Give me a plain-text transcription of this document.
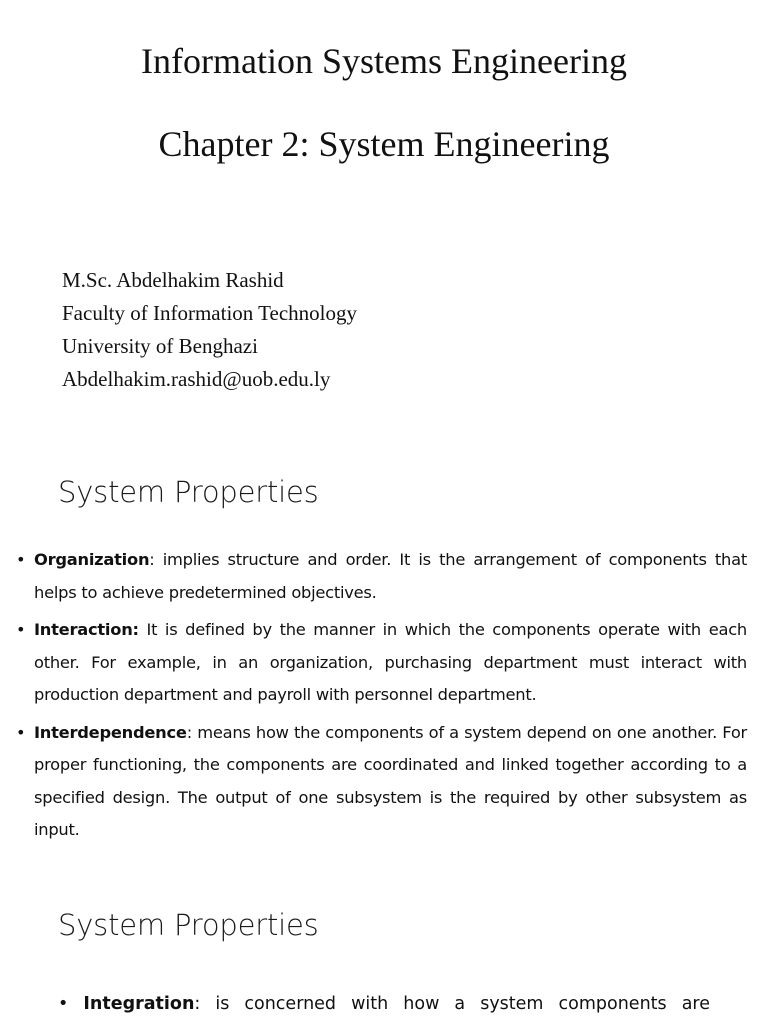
Information Systems Engineering
Chapter 2: System Engineering
M.Sc. Abdelhakim Rashid
Faculty of Information Technology
University of Benghazi
Abdelhakim.rashid@uob.edu.ly
System Properties
• Organization: implies structure and order. It is the arrangement of components that helps to achieve predetermined objectives.
• Interaction: It is defined by the manner in which the components operate with each other. For example, in an organization, purchasing department must interact with production department and payroll with personnel department.
• Interdependence: means how the components of a system depend on one another. For proper functioning, the components are coordinated and linked together according to a specified design. The output of one subsystem is the required by other subsystem as input.
System Properties
• Integration: is concerned with how a system components are
